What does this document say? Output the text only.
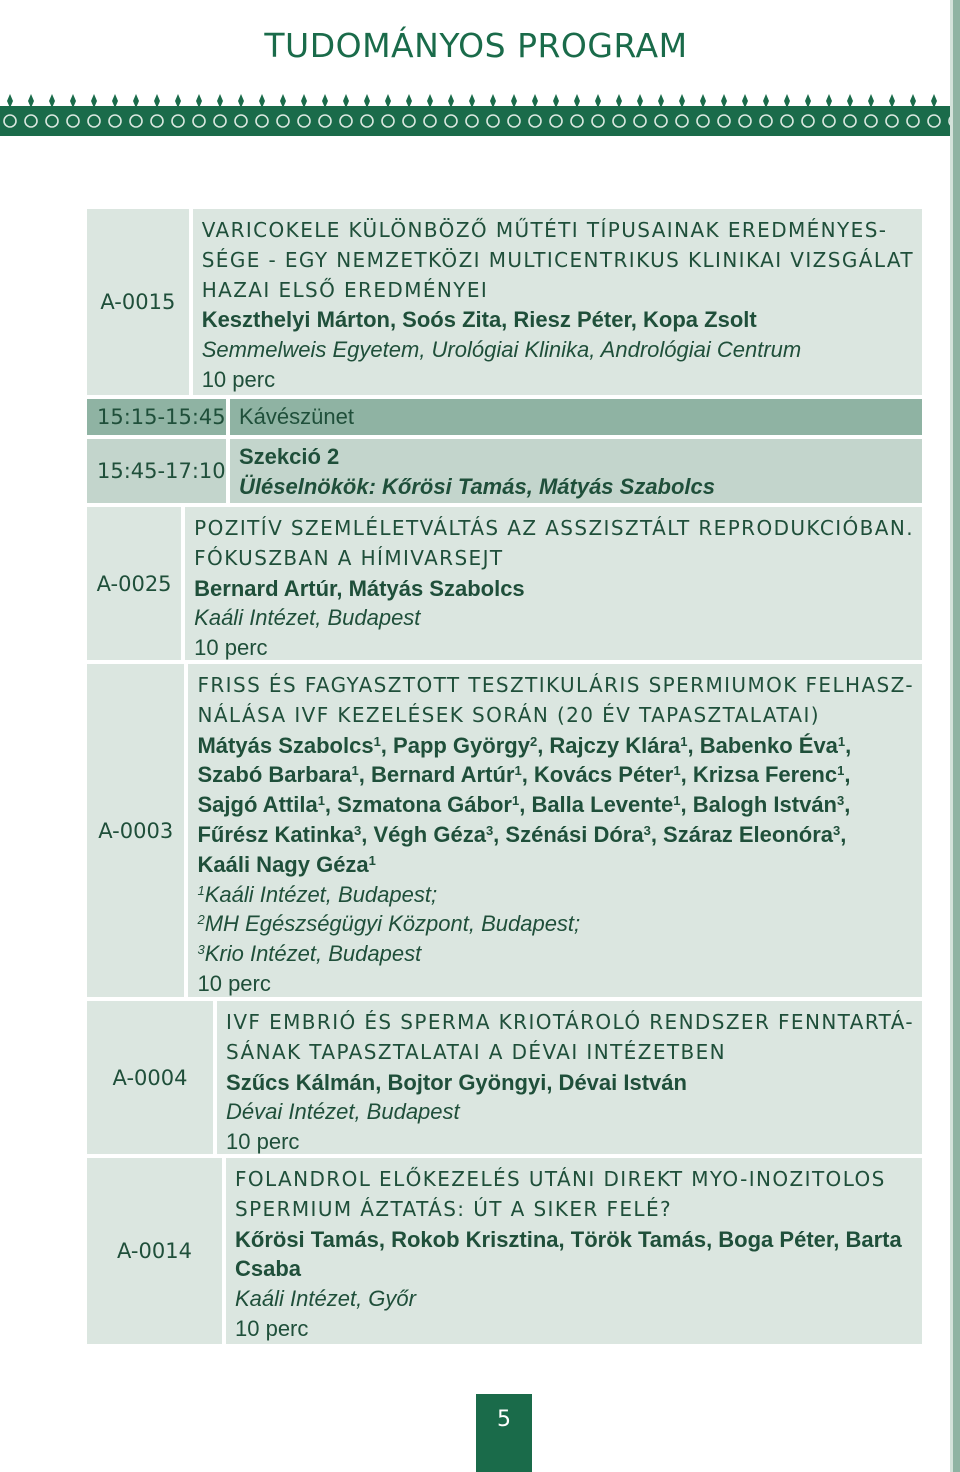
TUDOMÁNYOS PROGRAM
A-0015
VARICOKELE KÜLÖNBÖZŐ MŰTÉTI TÍPUSAINAK EREDMÉNYES-
SÉGE - EGY NEMZETKÖZI MULTICENTRIKUS KLINIKAI VIZSGÁLAT
HAZAI ELSŐ EREDMÉNYEI
Keszthelyi Márton, Soós Zita, Riesz Péter, Kopa Zsolt
Semmelweis Egyetem, Urológiai Klinika, Andrológiai Centrum
10 perc
15:15-15:45 Kávészünet
15:45-17:10
Szekció 2
Üléselnökök: Kőrösi Tamás, Mátyás Szabolcs
A-0025
POZITÍV SZEMLÉLETVÁLTÁS AZ ASSZISZTÁLT REPRODUKCIÓBAN.
FÓKUSZBAN A HÍMIVARSEJT
Bernard Artúr, Mátyás Szabolcs
Kaáli Intézet, Budapest
10 perc
A-0003
FRISS ÉS FAGYASZTOTT TESZTIKULÁRIS SPERMIUMOK FELHASZ-
NÁLÁSA IVF KEZELÉSEK SORÁN (20 ÉV TAPASZTALATAI)
Mátyás Szabolcs$^1$, Papp György$^2$, Rajczy Klára$^1$, Babenko Éva$^1$,
Szabó Barbara$^1$, Bernard Artúr$^1$, Kovács Péter$^1$, Krizsa Ferenc$^1$,
Sajgó Attila$^1$, Szmatona Gábor$^1$, Balla Levente$^1$, Balogh István$^3$,
Fűrész Katinka$^3$, Végh Géza$^3$, Szénási Dóra$^3$, Száraz Eleonóra$^3$,
Kaáli Nagy Géza$^1$
$^1$Kaáli Intézet, Budapest;
$^2$MH Egészségügyi Központ, Budapest;
$^3$Krio Intézet, Budapest
10 perc
A-0004
IVF EMBRIÓ ÉS SPERMA KRIOTÁROLÓ RENDSZER FENNTARTÁ-
SÁNAK TAPASZTALATAI A DÉVAI INTÉZETBEN
Szűcs Kálmán, Bojtor Gyöngyi, Dévai István
Dévai Intézet, Budapest
10 perc
A-0014
FOLANDROL ELŐKEZELÉS UTÁNI DIREKT MYO-INOZITOLOS
SPERMIUM ÁZTATÁS: ÚT A SIKER FELÉ?
Kőrösi Tamás, Rokob Krisztina, Török Tamás, Boga Péter, Barta
Csaba
Kaáli Intézet, Győr
10 perc
5
